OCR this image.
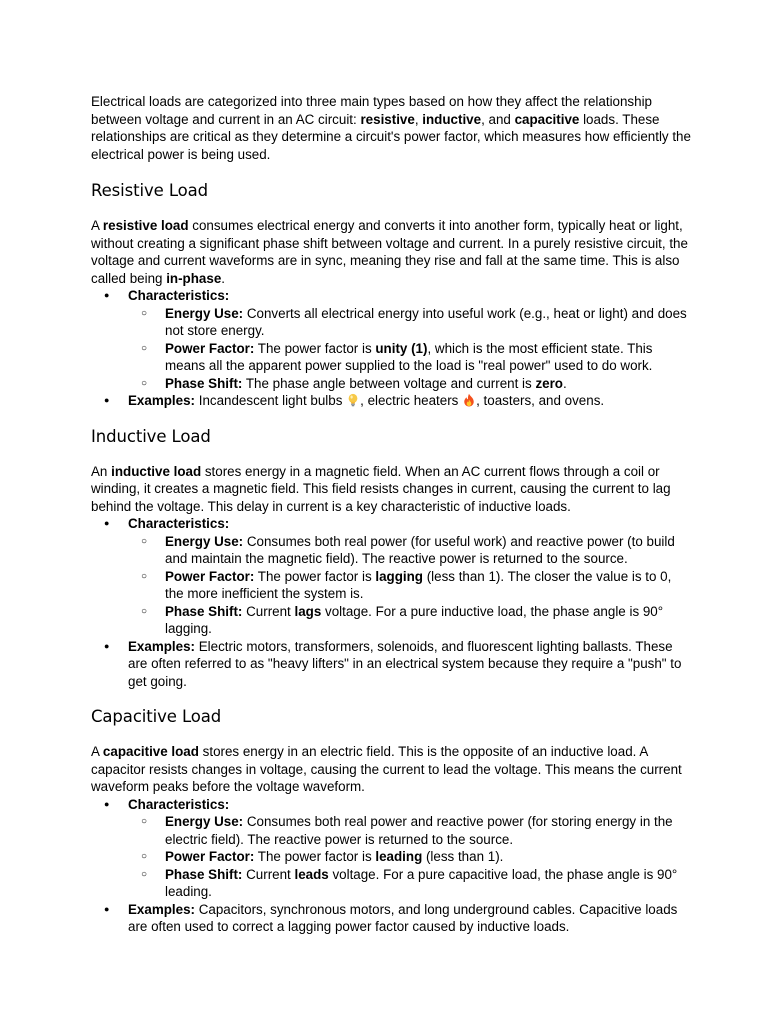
Electrical loads are categorized into three main types based on how they affect the relationship between voltage and current in an AC circuit: resistive, inductive, and capacitive loads. These relationships are critical as they determine a circuit's power factor, which measures how efficiently the electrical power is being used.

Resistive Load

A resistive load consumes electrical energy and converts it into another form, typically heat or light, without creating a significant phase shift between voltage and current. In a purely resistive circuit, the voltage and current waveforms are in sync, meaning they rise and fall at the same time. This is also called being in-phase.

● Characteristics:
○ Energy Use: Converts all electrical energy into useful work (e.g., heat or light) and does not store energy.
○ Power Factor: The power factor is unity (1), which is the most efficient state. This means all the apparent power supplied to the load is "real power" used to do work.
○ Phase Shift: The phase angle between voltage and current is zero.
● Examples: Incandescent light bulbs , electric heaters , toasters, and ovens.
Inductive Load

An inductive load stores energy in a magnetic field. When an AC current flows through a coil or winding, it creates a magnetic field. This field resists changes in current, causing the current to lag behind the voltage. This delay in current is a key characteristic of inductive loads.

● Characteristics:
○ Energy Use: Consumes both real power (for useful work) and reactive power (to build and maintain the magnetic field). The reactive power is returned to the source.
○ Power Factor: The power factor is lagging (less than 1). The closer the value is to 0, the more inefficient the system is.
○ Phase Shift: Current lags voltage. For a pure inductive load, the phase angle is 90° lagging.
● Examples: Electric motors, transformers, solenoids, and fluorescent lighting ballasts. These are often referred to as "heavy lifters" in an electrical system because they require a "push" to get going.
Capacitive Load

A capacitive load stores energy in an electric field. This is the opposite of an inductive load. A capacitor resists changes in voltage, causing the current to lead the voltage. This means the current waveform peaks before the voltage waveform.

● Characteristics:
○ Energy Use: Consumes both real power and reactive power (for storing energy in the electric field). The reactive power is returned to the source.
○ Power Factor: The power factor is leading (less than 1).
○ Phase Shift: Current leads voltage. For a pure capacitive load, the phase angle is 90° leading.
● Examples: Capacitors, synchronous motors, and long underground cables. Capacitive loads are often used to correct a lagging power factor caused by inductive loads.
